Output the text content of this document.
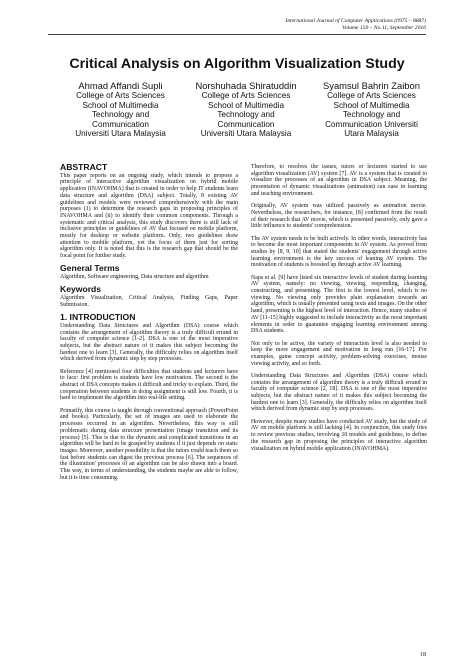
International Journal of Computer Applications (0975 – 8887)
Volume 150 – No.11, September 2016
Critical Analysis on Algorithm Visualization Study
Ahmad Affandi Supli
College of Arts Sciences
School of Multimedia
Technology and
Communication
Universiti Utara Malaysia
Norshuhada Shiratuddin
College of Arts Sciences
School of Multimedia
Technology and
Communication
Universiti Utara Malaysia
Syamsul Bahrin Zaibon
College of Arts Sciences
School of Multimedia
Technology and
Communication Universiti
Utara Malaysia
ABSTRACT

This paper reports on an ongoing study, which intends to propose a principle of interactive algorithm visualization on hybrid mobile application (INAVOHMA) that is created in order to help IT students learn data structure and algorithm (DSA) subject. Totally, 8 existing AV guidelines and models were reviewed comprehensively with the main purposes (1) to determine the research gaps in proposing principles of INAVOHMA and (ii) to identify their common components. Through a systematic and critical analysis, this study discovers there is still lack of inclusive principles or guidelines of AV that focused on mobile platform, mostly for desktop or website platform. Only, two guidelines draw attention to mobile platform, yet the focus of them just for sorting algorithm only. It is noted that this is the research gap that should be the focal point for further study.

General Terms

Algorithm, Software engineering, Data structure and algorithm

Keywords

Algorithm Visualization, Critical Analysis, Finding Gaps, Paper Submission.

1. INTRODUCTION

Understanding Data Structures and Algorithm (DSA) course which contains the arrangement of algorithm theory is a truly difficult errand in faculty of computer science [1-2]. DSA is one of the most imperative subjects, but the abstract nature of it makes this subject becoming the hardest one to learn [3]. Generally, the difficulty relies on algorithm itself which derived from dynamic step by step processes.

Reference [4] mentioned four difficulties that students and lecturers have to face: first problem is students have low motivation. The second is the abstract of DSA concepts makes it difficult and tricky to explain. Third, the cooperation between students in doing assignment is still low. Fourth, it is hard to implement the algorithm into real-life setting.

Primarily, this course is taught through conventional approach (PowerPoint and books). Particularly, the set of images are used to elaborate the processes occurred in an algorithm. Nevertheless, this way is still problematic during data structure presentation (image transition and its process) [5]. This is due to the dynamic and complicated transitions in an algorithm will be hard to be grasped by students if it just depends on static images. Moreover, another possibility is that the tutors could teach them so fast before students can digest the previous process [6]. The sequences of the illustration' processes of an algorithm can be also drawn into a board. This way, in terms of understanding, the students maybe are able to follow, but it is time consuming.

Therefore, to resolves the issues, tutors or lecturers started to use algorithm visualization (AV) system [7]. AV is a system that is created to visualize the processes of an algorithm in DSA subject. Meaning, the presentation of dynamic visualizations (animation) can ease in learning and teaching environment.

Originally, AV system was utilized passively as animation movie. Nevertheless, the researchers, for instance, [8] confirmed from the result of their research that AV movie, which is presented passively, only gave a little influence to students' comprehension.

The AV system needs to be built actively. In other words, interactivity has to become the most important components in AV system. As proved from studies by [8, 9, 10] that stated the students' engagement through active learning environment is the key success of leaning AV system. The motivation of students is boosted up through active AV learning.

Naps et al. [9] have listed six interactive levels of student during learning AV system, namely: no viewing, viewing, responding, changing, constructing, and presenting. The first is the lowest level, which is no viewing. No viewing only provides plain explanation towards an algorithm, which is usually presented using texts and images. On the other hand, presenting is the highest level of interaction. Hence, many studies of AV [11-15] highly suggested to include interactivity as the most important elements in order to guarantee engaging learning environment among DSA students.

Not only to be active, the variety of interaction level is also needed to keep the more engagement and motivation in long run [16-17]. For examples, game concept activity, problem-solving exercises, mouse viewing activity, and so forth.

Understanding Data Structures and Algorithm (DSA) course which contains the arrangement of algorithm theory is a truly difficult errand in faculty of computer science [2, 18]. DSA is one of the most imperative subjects, but the abstract nature of it makes this subject becoming the hardest one to learn [3]. Generally, the difficulty relies on algorithm itself which derived from dynamic step by step processes.

However, despite many studies have conducted AV study, but the study of AV on mobile platform is still lacking [4]. In conjunction, this study tries to review previous studies, involving 10 models and guidelines, to define the research gap in proposing the principles of interactive algorithm visualization on hybrid mobile application (INAVOHMA).

18
